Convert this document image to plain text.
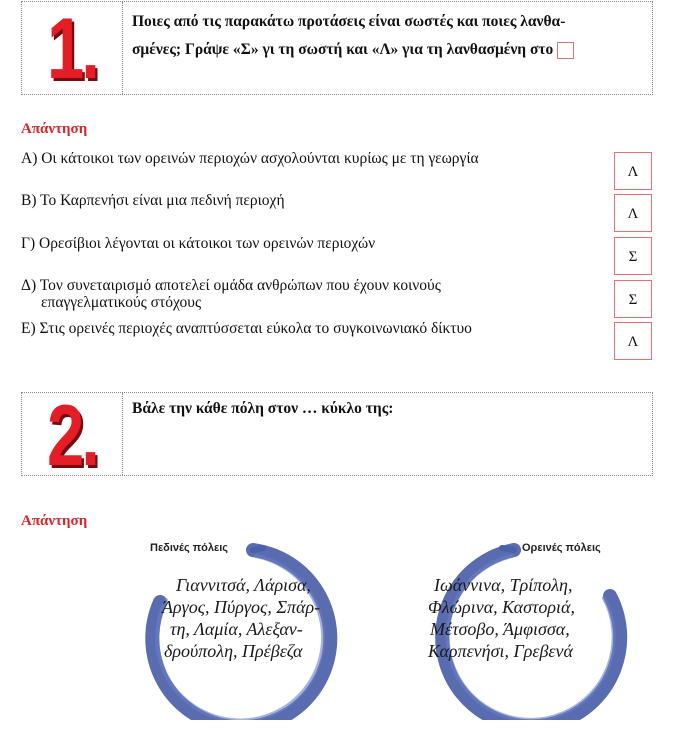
1. Ποιες από τις παρακάτω προτάσεις είναι σωστές και ποιες λανθα-
σμένες; Γράψε «Σ» γι τη σωστή και «Λ» για τη λανθασμένη στο
Απάντηση
Α) Οι κάτοικοι των ορεινών περιοχών ασχολούνται κυρίως με τη γεωργία
Λ
Β) Το Καρπενήσι είναι μια πεδινή περιοχή
Λ
Γ) Ορεσίβιοι λέγονται οι κάτοικοι των ορεινών περιοχών
Σ
Δ) Τον συνεταιρισμό αποτελεί ομάδα ανθρώπων που έχουν κοινούς
επαγγελματικούς στόχους	Σ
Ε) Στις ορεινές περιοχές αναπτύσσεται εύκολα το συγκοινωνιακό δίκτυο
Λ
2. Βάλε την κάθε πόλη στον … κύκλο της:
Απάντηση
Πεδινές πόλεις
Γιαννιτσά, Λάρισα,
Άργος, Πύργος, Σπάρ-
τη, Λαμία, Αλεξαν-
δρούπολη, Πρέβεζα
Ορεινές πόλεις
Ιωάννινα, Τρίπολη,
Φλώρινα, Καστοριά,
Μέτσοβο, Άμφισσα,
Καρπενήσι, Γρεβενά
